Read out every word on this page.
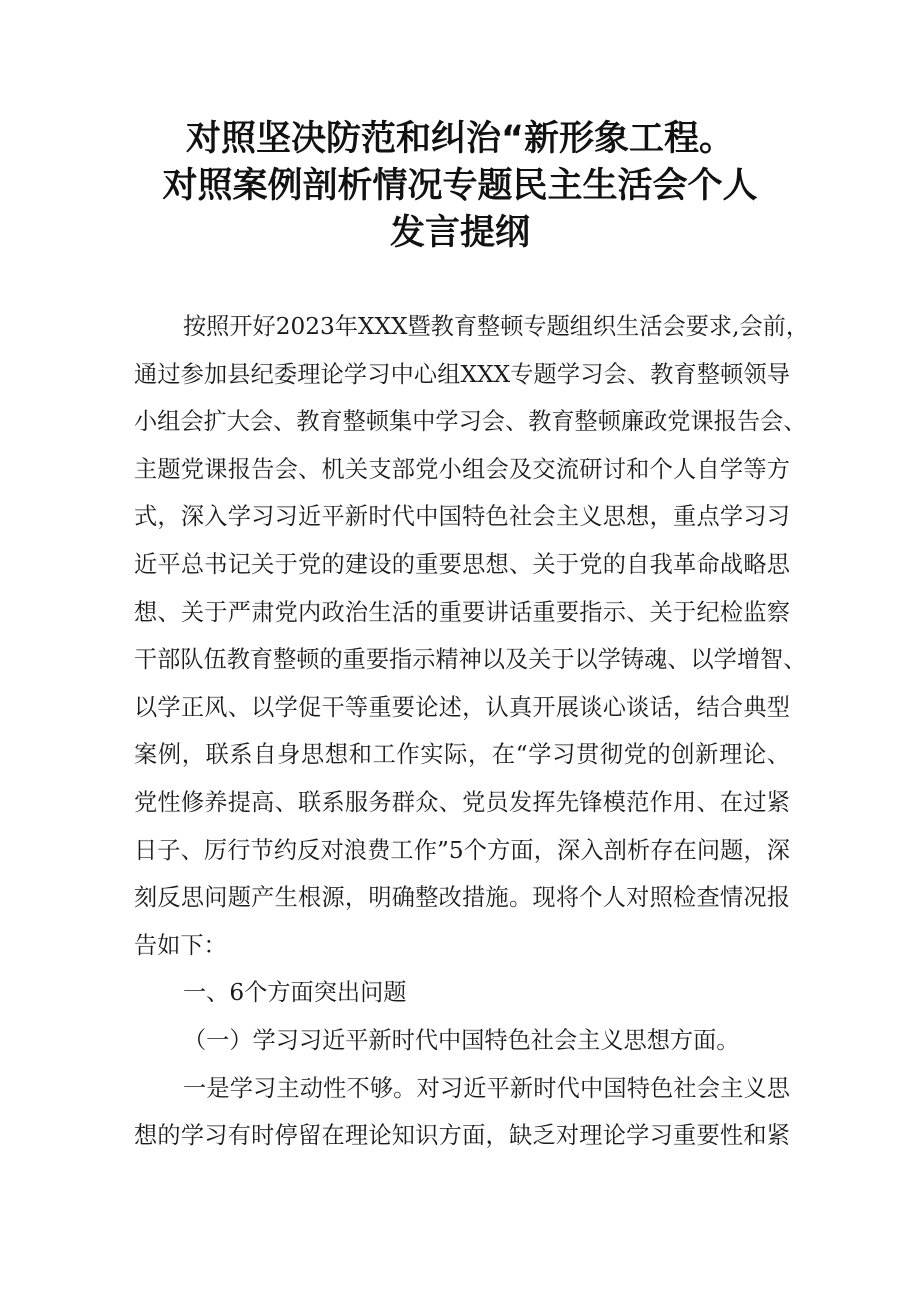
对照坚决防范和纠治“新形象工程。
对照案例剖析情况专题民主生活会个人
发言提纲
按照开好2023年XXX暨教育整顿专题组织生活会要求,会前，
通过参加县纪委理论学习中心组XXX专题学习会、教育整顿领导
小组会扩大会、教育整顿集中学习会、教育整顿廉政党课报告会、
主题党课报告会、机关支部党小组会及交流研讨和个人自学等方
式，深入学习习近平新时代中国特色社会主义思想，重点学习习
近平总书记关于党的建设的重要思想、关于党的自我革命战略思
想、关于严肃党内政治生活的重要讲话重要指示、关于纪检监察
干部队伍教育整顿的重要指示精神以及关于以学铸魂、以学增智、
以学正风、以学促干等重要论述，认真开展谈心谈话，结合典型
案例，联系自身思想和工作实际，在“学习贯彻党的创新理论、
党性修养提高、联系服务群众、党员发挥先锋模范作用、在过紧
日子、厉行节约反对浪费工作”5个方面，深入剖析存在问题，深
刻反思问题产生根源，明确整改措施。现将个人对照检查情况报
告如下：
一、6个方面突出问题
（一）学习习近平新时代中国特色社会主义思想方面。
一是学习主动性不够。对习近平新时代中国特色社会主义思
想的学习有时停留在理论知识方面，缺乏对理论学习重要性和紧
